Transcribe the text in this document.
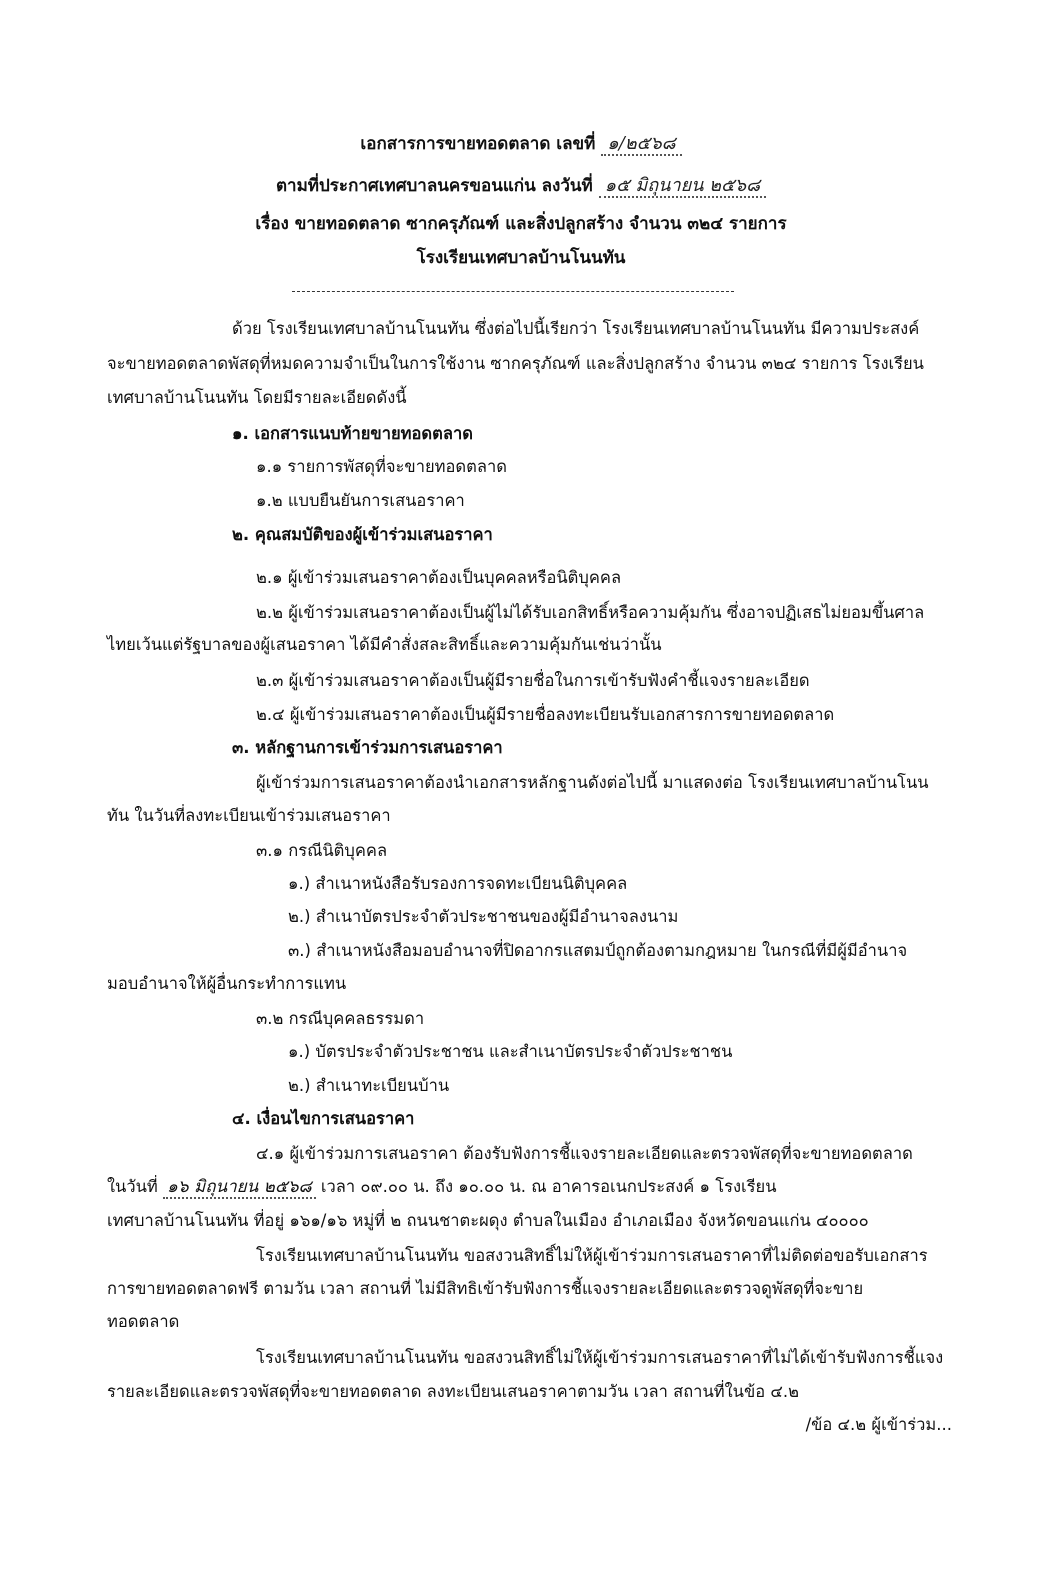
เอกสารการขายทอดตลาด เลขที่ ๑/๒๕๖๘
ตามที่ประกาศเทศบาลนครขอนแก่น ลงวันที่ ๑๕ มิถุนายน ๒๕๖๘
เรื่อง ขายทอดตลาด ซากครุภัณฑ์ และสิ่งปลูกสร้าง จำนวน ๓๒๔ รายการ
โรงเรียนเทศบาลบ้านโนนทัน
ด้วย โรงเรียนเทศบาลบ้านโนนทัน ซึ่งต่อไปนี้เรียกว่า โรงเรียนเทศบาลบ้านโนนทัน มีความประสงค์
จะขายทอดตลาดพัสดุที่หมดความจำเป็นในการใช้งาน ซากครุภัณฑ์ และสิ่งปลูกสร้าง จำนวน ๓๒๔ รายการ โรงเรียน
เทศบาลบ้านโนนทัน โดยมีรายละเอียดดังนี้
๑. เอกสารแนบท้ายขายทอดตลาด
๑.๑ รายการพัสดุที่จะขายทอดตลาด
๑.๒ แบบยืนยันการเสนอราคา
๒. คุณสมบัติของผู้เข้าร่วมเสนอราคา
๒.๑ ผู้เข้าร่วมเสนอราคาต้องเป็นบุคคลหรือนิติบุคคล
๒.๒ ผู้เข้าร่วมเสนอราคาต้องเป็นผู้ไม่ได้รับเอกสิทธิ์หรือความคุ้มกัน ซึ่งอาจปฏิเสธไม่ยอมขึ้นศาล
ไทยเว้นแต่รัฐบาลของผู้เสนอราคา ได้มีคำสั่งสละสิทธิ์และความคุ้มกันเช่นว่านั้น
๒.๓ ผู้เข้าร่วมเสนอราคาต้องเป็นผู้มีรายชื่อในการเข้ารับฟังคำชี้แจงรายละเอียด
๒.๔ ผู้เข้าร่วมเสนอราคาต้องเป็นผู้มีรายชื่อลงทะเบียนรับเอกสารการขายทอดตลาด
๓. หลักฐานการเข้าร่วมการเสนอราคา
ผู้เข้าร่วมการเสนอราคาต้องนำเอกสารหลักฐานดังต่อไปนี้ มาแสดงต่อ โรงเรียนเทศบาลบ้านโนน
ทัน ในวันที่ลงทะเบียนเข้าร่วมเสนอราคา
๓.๑ กรณีนิติบุคคล
๑.) สำเนาหนังสือรับรองการจดทะเบียนนิติบุคคล
๒.) สำเนาบัตรประจำตัวประชาชนของผู้มีอำนาจลงนาม
๓.) สำเนาหนังสือมอบอำนาจที่ปิดอากรแสตมป์ถูกต้องตามกฎหมาย ในกรณีที่มีผู้มีอำนาจ
มอบอำนาจให้ผู้อื่นกระทำการแทน
๓.๒ กรณีบุคคลธรรมดา
๑.) บัตรประจำตัวประชาชน และสำเนาบัตรประจำตัวประชาชน
๒.) สำเนาทะเบียนบ้าน
๔. เงื่อนไขการเสนอราคา
๔.๑ ผู้เข้าร่วมการเสนอราคา ต้องรับฟังการชี้แจงรายละเอียดและตรวจพัสดุที่จะขายทอดตลาด
ในวันที่ ๑๖ มิถุนายน ๒๕๖๘ เวลา ๐๙.๐๐ น. ถึง ๑๐.๐๐ น. ณ อาคารอเนกประสงค์ ๑ โรงเรียน
เทศบาลบ้านโนนทัน ที่อยู่ ๑๖๑/๑๖ หมู่ที่ ๒ ถนนชาตะผดุง ตำบลในเมือง อำเภอเมือง จังหวัดขอนแก่น ๔๐๐๐๐
โรงเรียนเทศบาลบ้านโนนทัน ขอสงวนสิทธิ์ไม่ให้ผู้เข้าร่วมการเสนอราคาที่ไม่ติดต่อขอรับเอกสาร
การขายทอดตลาดฟรี ตามวัน เวลา สถานที่ ไม่มีสิทธิเข้ารับฟังการชี้แจงรายละเอียดและตรวจดูพัสดุที่จะขาย
ทอดตลาด
โรงเรียนเทศบาลบ้านโนนทัน ขอสงวนสิทธิ์ไม่ให้ผู้เข้าร่วมการเสนอราคาที่ไม่ได้เข้ารับฟังการชี้แจง
รายละเอียดและตรวจพัสดุที่จะขายทอดตลาด ลงทะเบียนเสนอราคาตามวัน เวลา สถานที่ในข้อ ๔.๒
/ข้อ ๔.๒ ผู้เข้าร่วม...
